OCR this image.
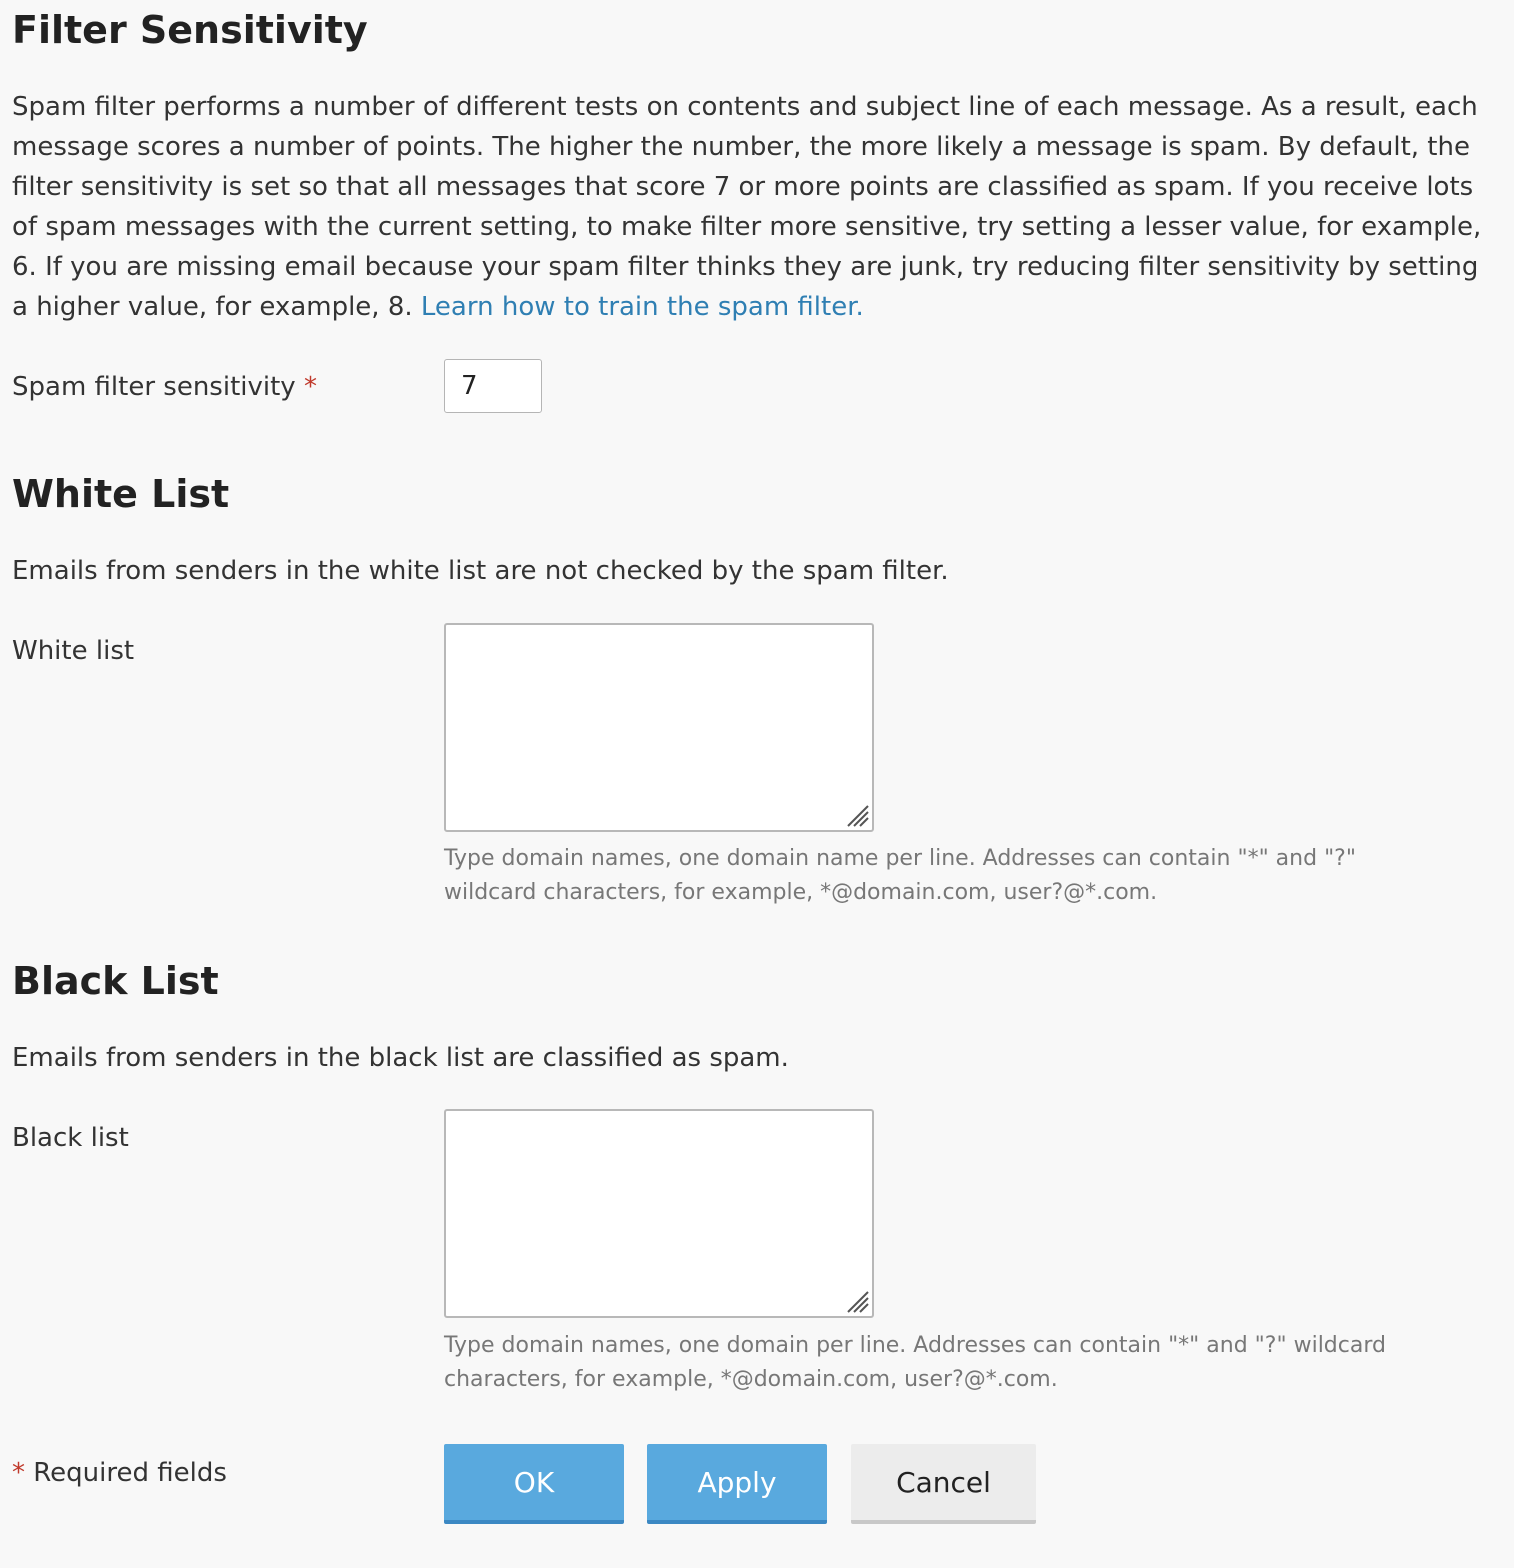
Filter Sensitivity

Spam filter performs a number of different tests on contents and subject line of each message. As a result, each message scores a number of points. The higher the number, the more likely a message is spam. By default, the filter sensitivity is set so that all messages that score 7 or more points are classified as spam. If you receive lots of spam messages with the current setting, to make filter more sensitive, try setting a lesser value, for example, 6. If you are missing email because your spam filter thinks they are junk, try reducing filter sensitivity by setting a higher value, for example, 8. Learn how to train the spam filter.

Spam filter sensitivity *
7
White List

Emails from senders in the white list are not checked by the spam filter.

White list

Type domain names, one domain name per line. Addresses can contain "*" and "?" wildcard characters, for example, *@domain.com, user?@*.com.

Black List

Emails from senders in the black list are classified as spam.

Black list

Type domain names, one domain per line. Addresses can contain "*" and "?" wildcard characters, for example, *@domain.com, user?@*.com.

* Required fields	OK	Apply	Cancel
